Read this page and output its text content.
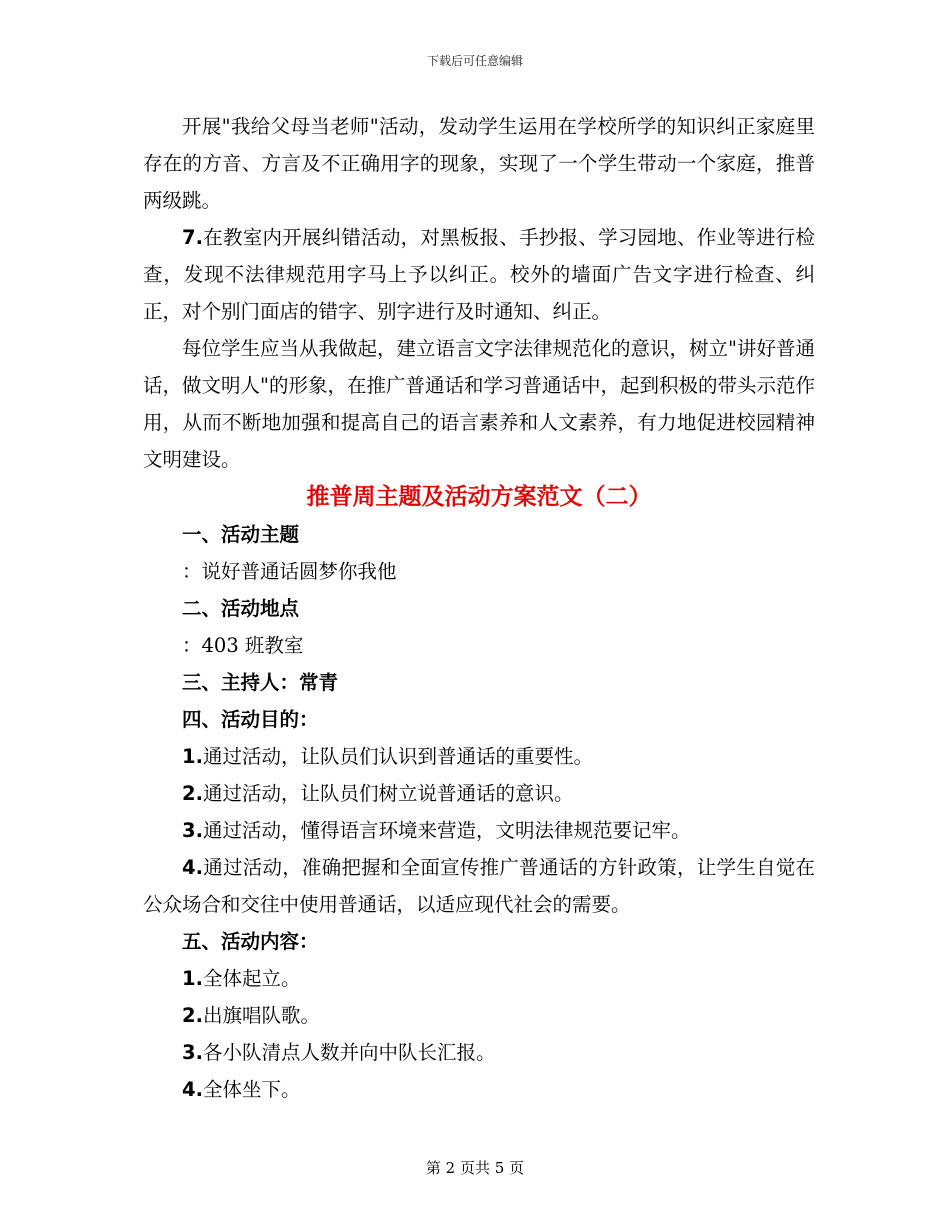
下载后可任意编辑

开展"我给父母当老师"活动，发动学生运用在学校所学的知识纠正家庭里存在的方音、方言及不正确用字的现象，实现了一个学生带动一个家庭，推普两级跳。

7.在教室内开展纠错活动，对黑板报、手抄报、学习园地、作业等进行检查，发现不法律规范用字马上予以纠正。校外的墙面广告文字进行检查、纠正，对个别门面店的错字、别字进行及时通知、纠正。

每位学生应当从我做起，建立语言文字法律规范化的意识，树立"讲好普通话，做文明人"的形象，在推广普通话和学习普通话中，起到积极的带头示范作用，从而不断地加强和提高自己的语言素养和人文素养，有力地促进校园精神文明建设。

推普周主题及活动方案范文（二）

一、活动主题

：说好普通话圆梦你我他

二、活动地点

：403 班教室

三、主持人：常青

四、活动目的：

1.通过活动，让队员们认识到普通话的重要性。

2.通过活动，让队员们树立说普通话的意识。

3.通过活动，懂得语言环境来营造，文明法律规范要记牢。

4.通过活动，准确把握和全面宣传推广普通话的方针政策，让学生自觉在公众场合和交往中使用普通话，以适应现代社会的需要。

五、活动内容：

1.全体起立。

2.出旗唱队歌。

3.各小队清点人数并向中队长汇报。

4.全体坐下。

第 2 页共 5 页
